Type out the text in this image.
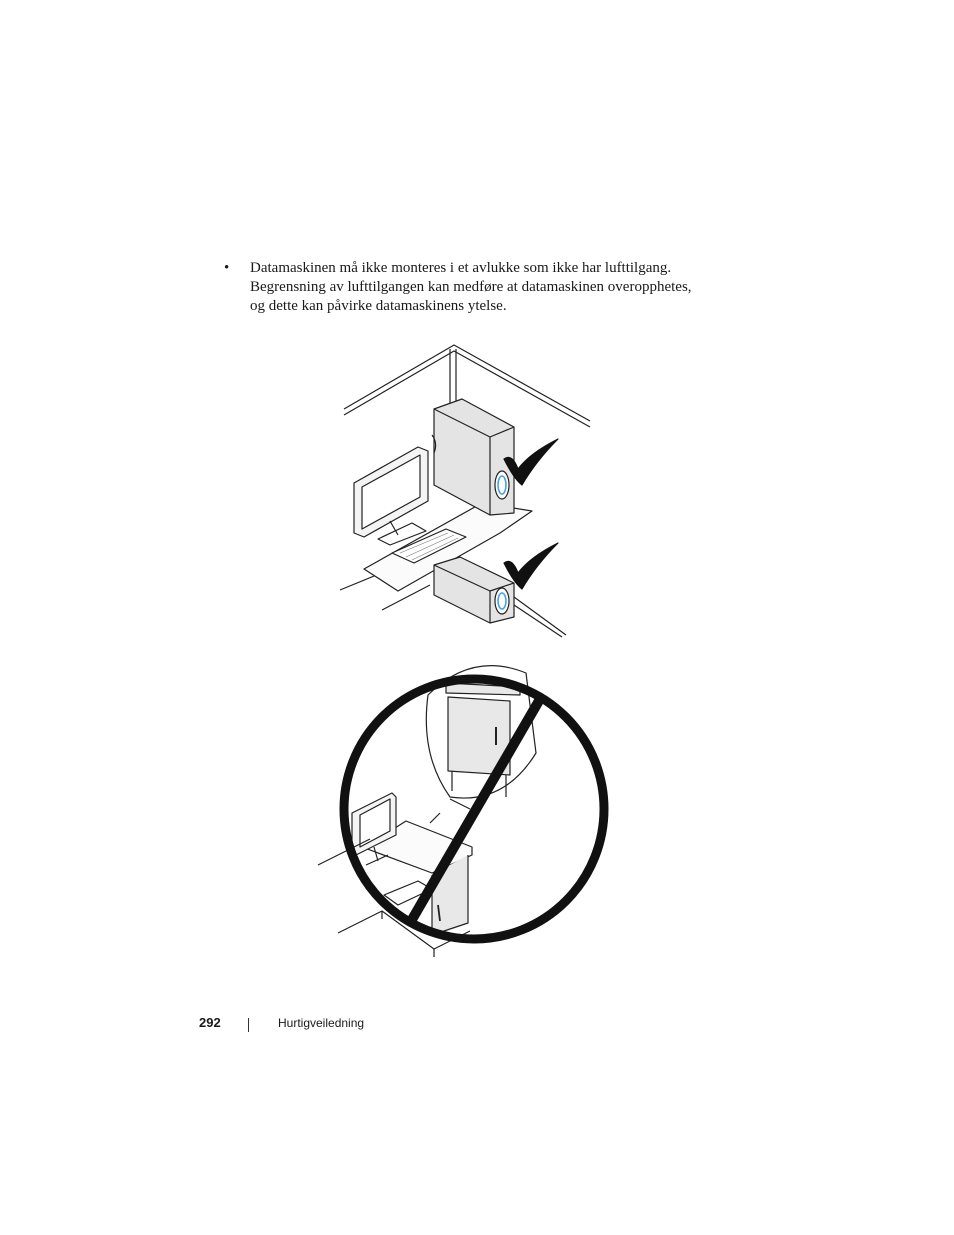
• Datamaskinen må ikke monteres i et avlukke som ikke har lufttilgang.
Begrensning av lufttilgangen kan medføre at datamaskinen overopphetes,
og dette kan påvirke datamaskinens ytelse.
292	Hurtigveiledning
